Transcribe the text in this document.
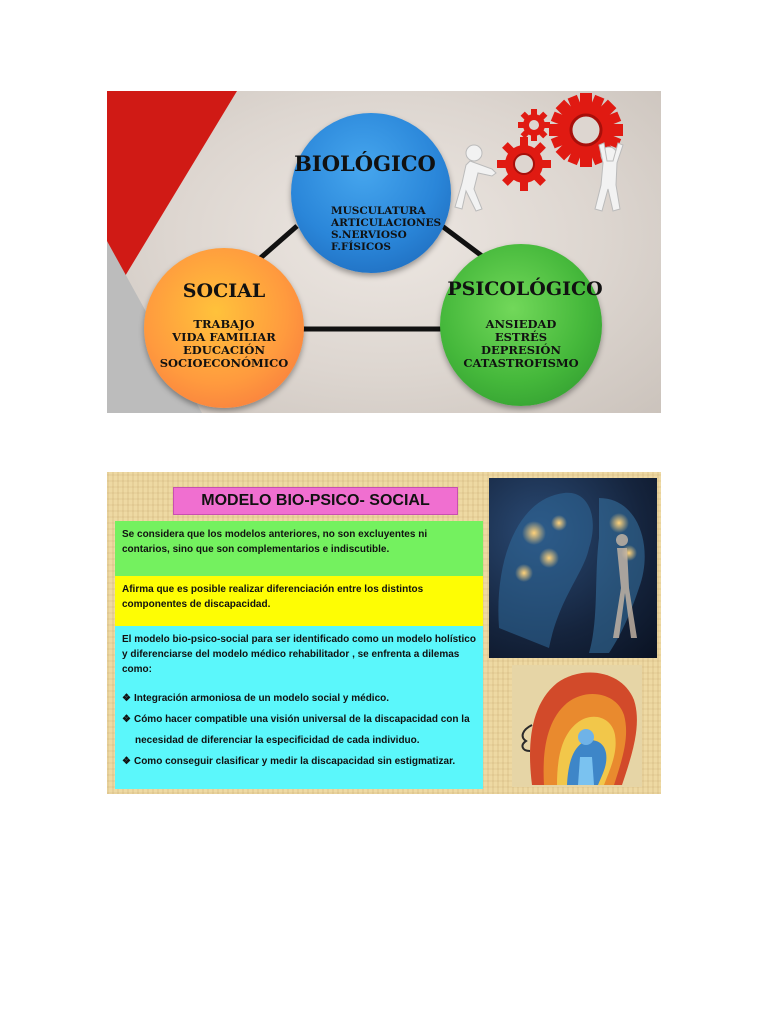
BIOLÓGICO
MUSCULATURA
ARTICULACIONES
S.NERVIOSO
F.FÍSICOS
SOCIAL
TRABAJO
VIDA FAMILIAR
EDUCACIÓN
SOCIOECONÓMICO
PSICOLÓGICO
ANSIEDAD
ESTRÉS
DEPRESIÓN
CATASTROFISMO
MODELO BIO-PSICO- SOCIAL
Se considera que los modelos anteriores, no son excluyentes ni contarios, sino que son complementarios e indiscutible.
Afirma que es posible realizar diferenciación entre los distintos componentes de discapacidad.
El modelo bio-psico-social para ser identificado como un modelo holístico y diferenciarse del modelo médico rehabilitador , se enfrenta a dilemas como:
❖ Integración armoniosa de un modelo social y médico.
❖ Cómo hacer compatible una visión universal de la discapacidad con la
necesidad de diferenciar la especificidad de cada individuo.
❖ Como conseguir clasificar y medir la discapacidad sin estigmatizar.
